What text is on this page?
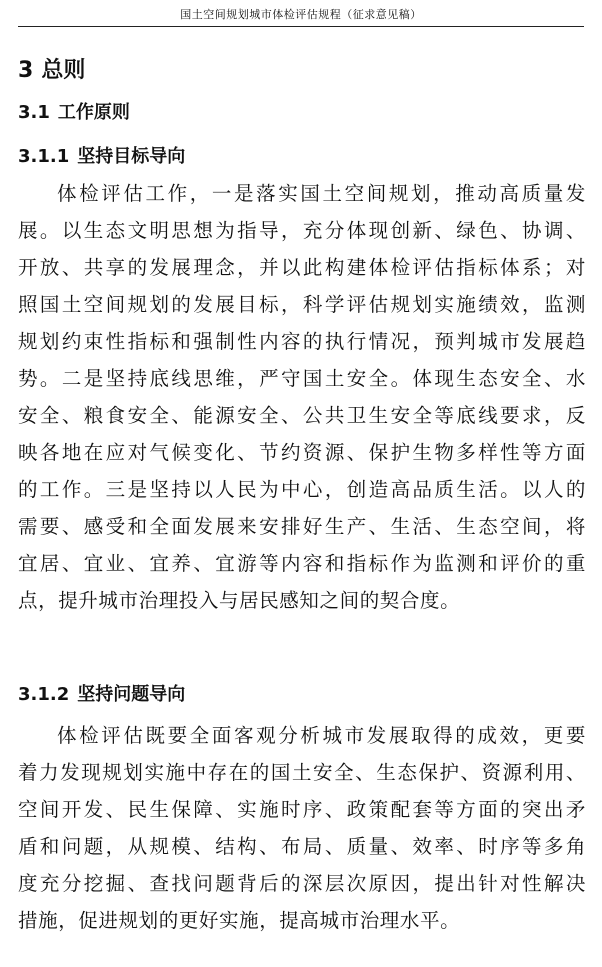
国土空间规划城市体检评估规程（征求意见稿）
3 总则
3.1 工作原则
3.1.1 坚持目标导向
体检评估工作，一是落实国土空间规划，推动高质量发
展。以生态文明思想为指导，充分体现创新、绿色、协调、
开放、共享的发展理念，并以此构建体检评估指标体系；对
照国土空间规划的发展目标，科学评估规划实施绩效，监测
规划约束性指标和强制性内容的执行情况，预判城市发展趋
势。二是坚持底线思维，严守国土安全。体现生态安全、水
安全、粮食安全、能源安全、公共卫生安全等底线要求，反
映各地在应对气候变化、节约资源、保护生物多样性等方面
的工作。三是坚持以人民为中心，创造高品质生活。以人的
需要、感受和全面发展来安排好生产、生活、生态空间，将
宜居、宜业、宜养、宜游等内容和指标作为监测和评价的重
点，提升城市治理投入与居民感知之间的契合度。
3.1.2 坚持问题导向
体检评估既要全面客观分析城市发展取得的成效，更要
着力发现规划实施中存在的国土安全、生态保护、资源利用、
空间开发、民生保障、实施时序、政策配套等方面的突出矛
盾和问题，从规模、结构、布局、质量、效率、时序等多角
度充分挖掘、查找问题背后的深层次原因，提出针对性解决
措施，促进规划的更好实施，提高城市治理水平。
